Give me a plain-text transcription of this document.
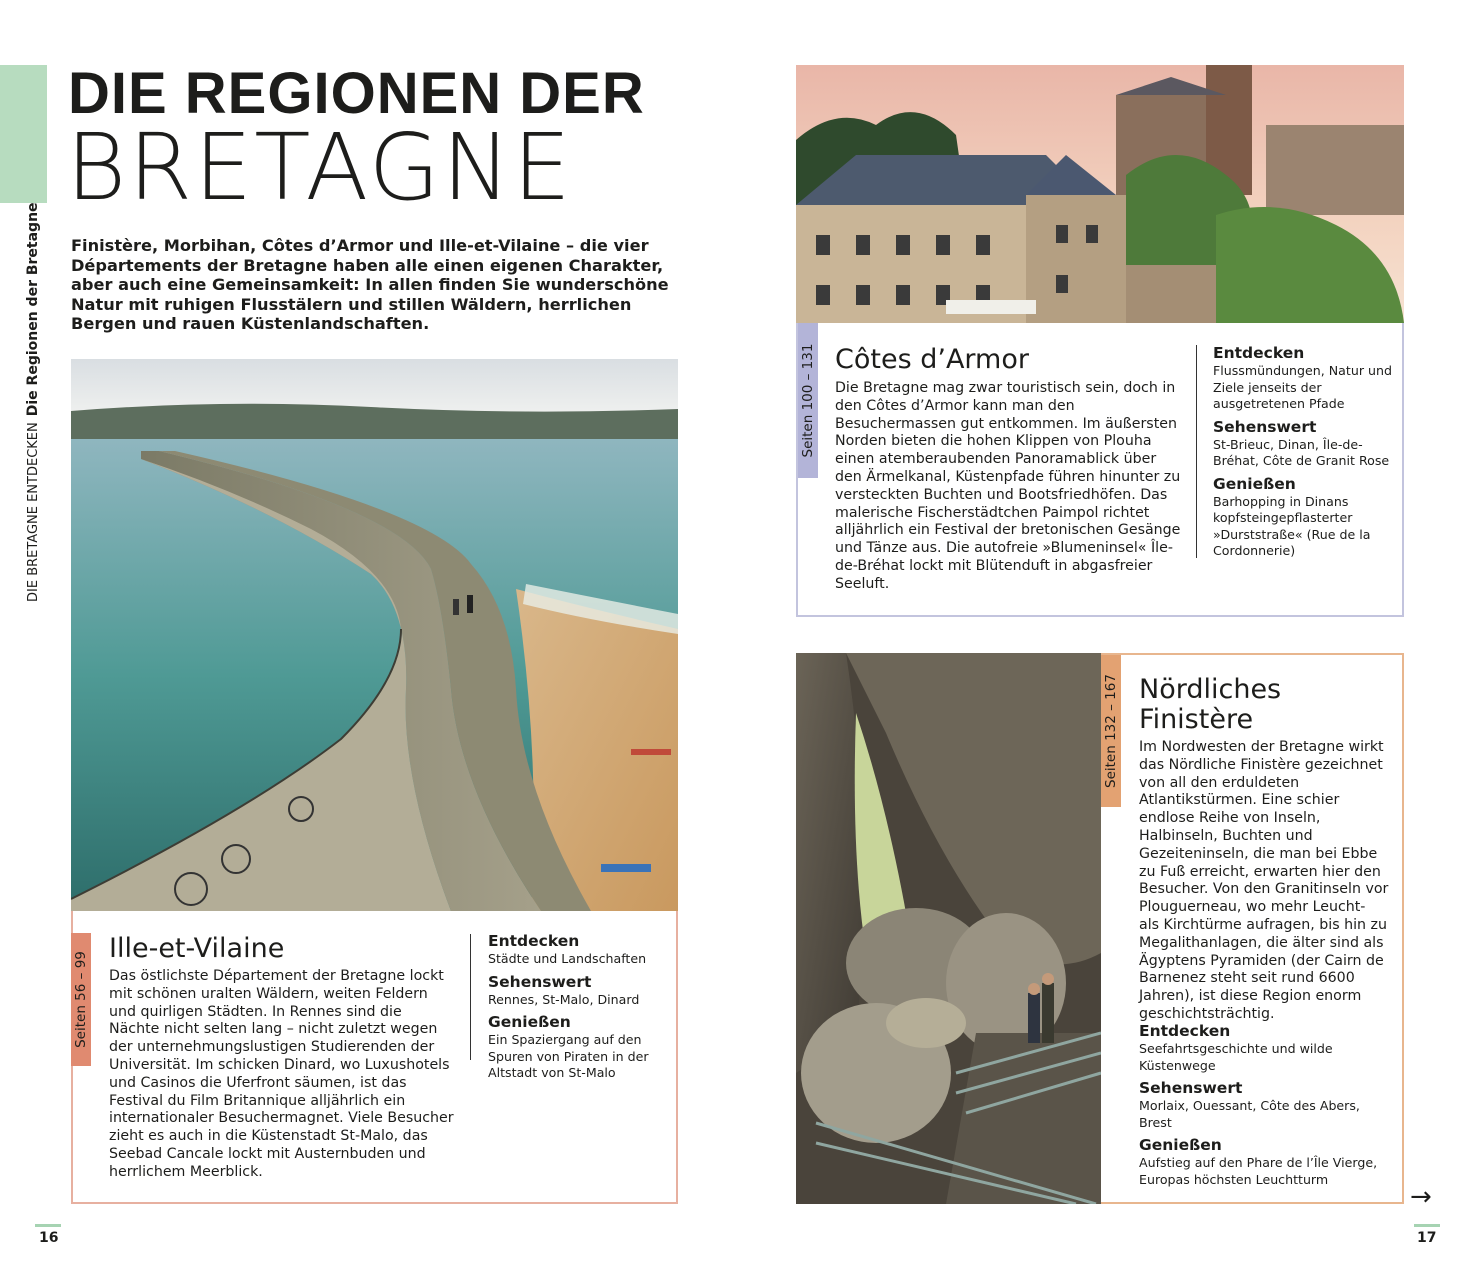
DIE BRETAGNE ENTDECKENDie Regionen der Bretagne
DIE REGIONEN DER
BRETAGNE
Finistère, Morbihan, Côtes d’Armor und Ille-et-Vilaine – die vier Départements der Bretagne haben alle einen eigenen Charakter, aber auch eine Gemeinsamkeit: In allen finden Sie wunderschöne Natur mit ruhigen Flusstälern und stillen Wäldern, herrlichen Bergen und rauen Küstenlandschaften.
Seiten 56 – 99
Ille-et-Vilaine
Das östlichste Département der Bretagne lockt mit schönen uralten Wäldern, weiten Feldern und quirligen Städten. In Rennes sind die Nächte nicht selten lang – nicht zuletzt wegen der unternehmungslustigen Studierenden der Universität. Im schicken Dinard, wo Luxushotels und Casinos die Uferfront säumen, ist das Festival du Film Britannique alljährlich ein internationaler Besuchermagnet. Viele Besucher zieht es auch in die Küstenstadt St-Malo, das Seebad Cancale lockt mit Austernbuden und herrlichem Meerblick.
Entdecken
Städte und Landschaften
Sehenswert
Rennes, St-Malo, Dinard
Genießen
Ein Spaziergang auf den Spuren von Piraten in der Altstadt von St-Malo
16
Seiten 100 – 131 Côtes d’Armor
Die Bretagne mag zwar touristisch sein, doch in den Côtes d’Armor kann man den Besuchermassen gut entkommen. Im äußersten Norden bieten die hohen Klippen von Plouha einen atemberaubenden Panoramablick über den Ärmelkanal, Küstenpfade führen hinunter zu versteckten Buchten und Bootsfriedhöfen. Das malerische Fischerstädtchen Paimpol richtet alljährlich ein Festival der bretonischen Gesänge und Tänze aus. Die autofreie »Blumeninsel« Île-de-Bréhat lockt mit Blütenduft in abgasfreier Seeluft.
Entdecken
Flussmündungen, Natur und Ziele jenseits der ausgetretenen Pfade
Sehenswert
St-Brieuc, Dinan, Île-de-Bréhat, Côte de Granit Rose
Genießen
Barhopping in Dinans kopfsteingepflasterter »Durststraße« (Rue de la Cordonnerie)
Seiten 132 – 167 Nördliches
Finistère
Im Nordwesten der Bretagne wirkt das Nördliche Finistère gezeichnet von all den erduldeten Atlantikstürmen. Eine schier endlose Reihe von Inseln, Halbinseln, Buchten und Gezeiteninseln, die man bei Ebbe zu Fuß erreicht, erwarten hier den Besucher. Von den Granitinseln vor Plouguerneau, wo mehr Leucht- als Kirchtürme aufragen, bis hin zu Megalithanlagen, die älter sind als Ägyptens Pyramiden (der Cairn de Barnenez steht seit rund 6600 Jahren), ist diese Region enorm geschichtsträchtig.
Entdecken
Seefahrtsgeschichte und wilde Küstenwege
Sehenswert
Morlaix, Ouessant, Côte des Abers, Brest
Genießen
Aufstieg auf den Phare de l’Île Vierge, Europas höchsten Leuchtturm
→
17
